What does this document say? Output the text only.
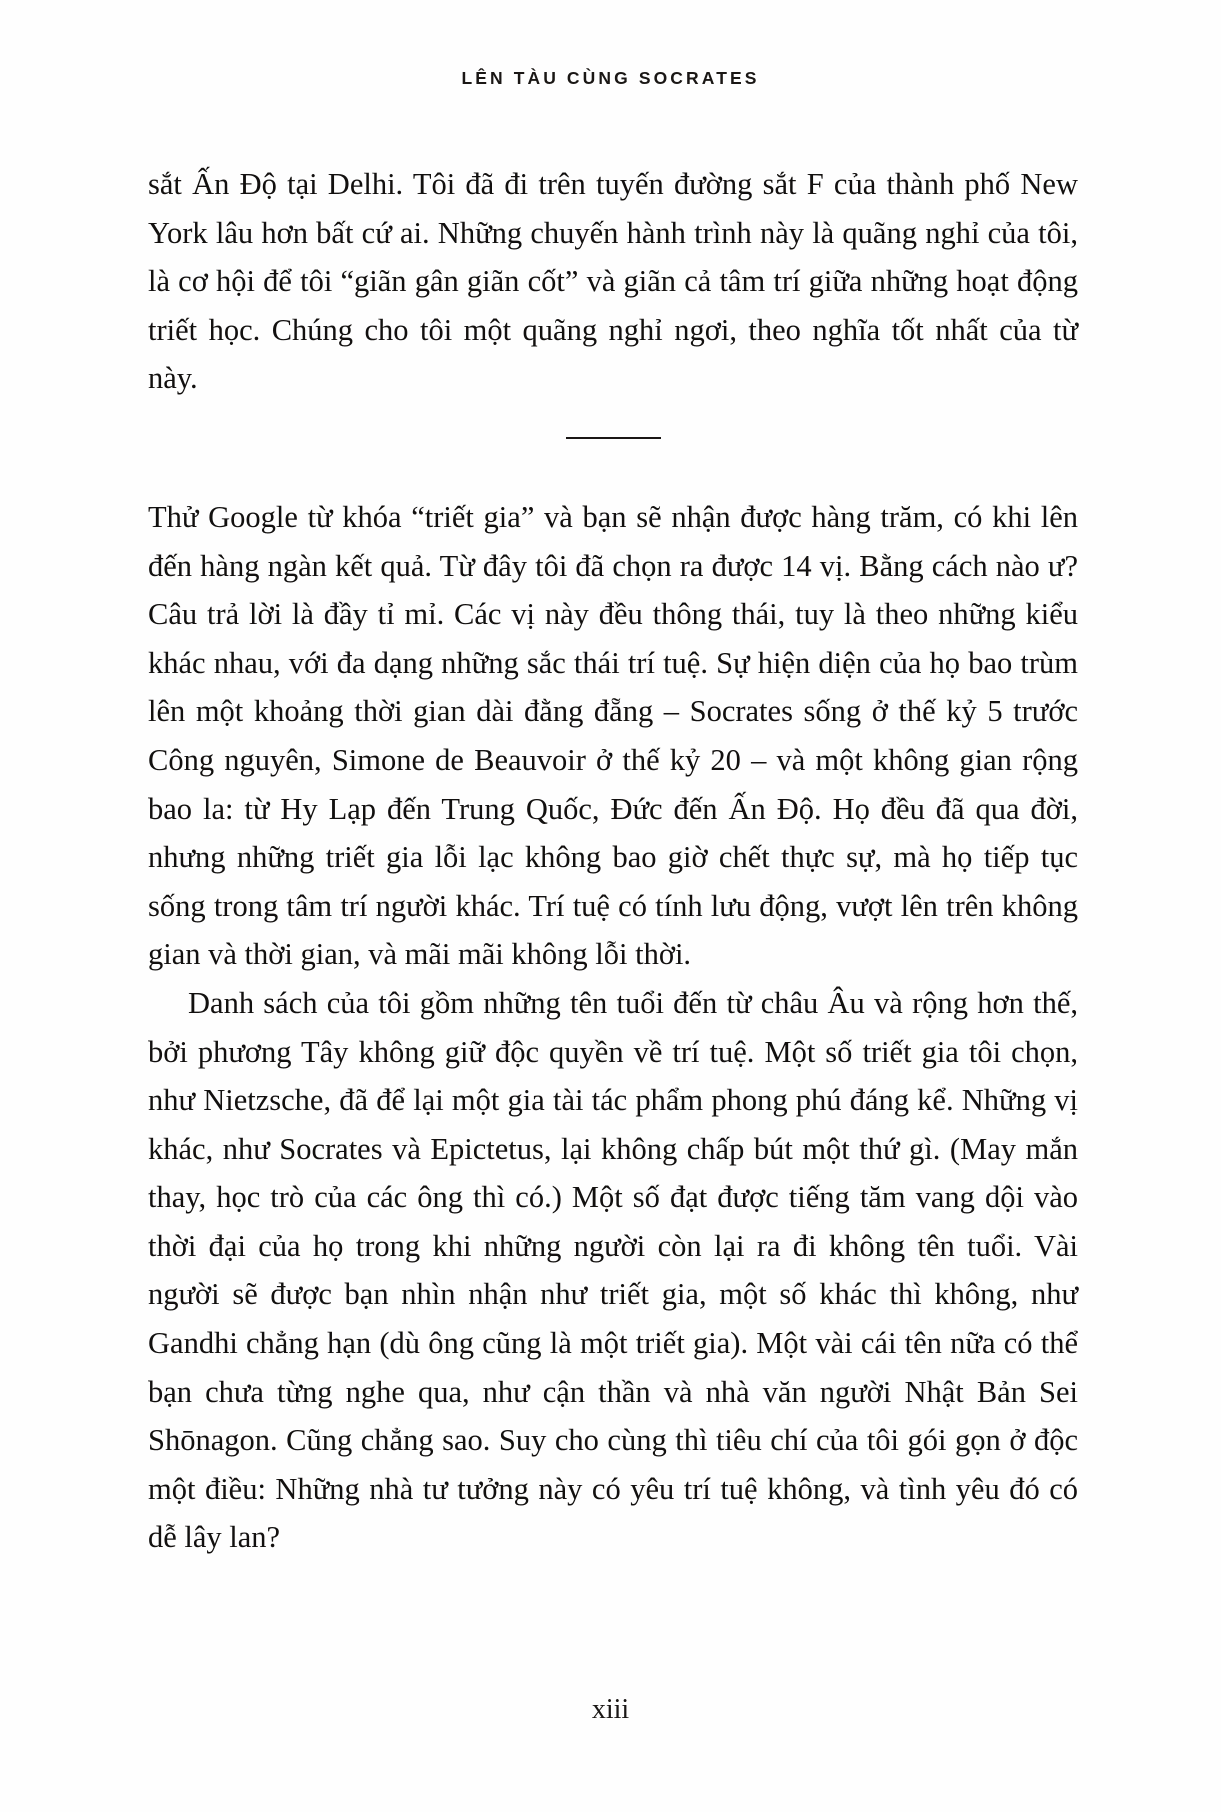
LÊN TÀU CÙNG SOCRATES

sắt Ấn Độ tại Delhi. Tôi đã đi trên tuyến đường sắt F của thành phố New York lâu hơn bất cứ ai. Những chuyến hành trình này là quãng nghỉ của tôi, là cơ hội để tôi “giãn gân giãn cốt” và giãn cả tâm trí giữa những hoạt động triết học. Chúng cho tôi một quãng nghỉ ngơi, theo nghĩa tốt nhất của từ này.

Thử Google từ khóa “triết gia” và bạn sẽ nhận được hàng trăm, có khi lên đến hàng ngàn kết quả. Từ đây tôi đã chọn ra được 14 vị. Bằng cách nào ư? Câu trả lời là đầy tỉ mỉ. Các vị này đều thông thái, tuy là theo những kiểu khác nhau, với đa dạng những sắc thái trí tuệ. Sự hiện diện của họ bao trùm lên một khoảng thời gian dài đằng đẵng – Socrates sống ở thế kỷ 5 trước Công nguyên, Simone de Beauvoir ở thế kỷ 20 – và một không gian rộng bao la: từ Hy Lạp đến Trung Quốc, Đức đến Ấn Độ. Họ đều đã qua đời, nhưng những triết gia lỗi lạc không bao giờ chết thực sự, mà họ tiếp tục sống trong tâm trí người khác. Trí tuệ có tính lưu động, vượt lên trên không gian và thời gian, và mãi mãi không lỗi thời.

Danh sách của tôi gồm những tên tuổi đến từ châu Âu và rộng hơn thế, bởi phương Tây không giữ độc quyền về trí tuệ. Một số triết gia tôi chọn, như Nietzsche, đã để lại một gia tài tác phẩm phong phú đáng kể. Những vị khác, như Socrates và Epictetus, lại không chấp bút một thứ gì. (May mắn thay, học trò của các ông thì có.) Một số đạt được tiếng tăm vang dội vào thời đại của họ trong khi những người còn lại ra đi không tên tuổi. Vài người sẽ được bạn nhìn nhận như triết gia, một số khác thì không, như Gandhi chẳng hạn (dù ông cũng là một triết gia). Một vài cái tên nữa có thể bạn chưa từng nghe qua, như cận thần và nhà văn người Nhật Bản Sei Shōnagon. Cũng chẳng sao. Suy cho cùng thì tiêu chí của tôi gói gọn ở độc một điều: Những nhà tư tưởng này có yêu trí tuệ không, và tình yêu đó có dễ lây lan?

xiii
